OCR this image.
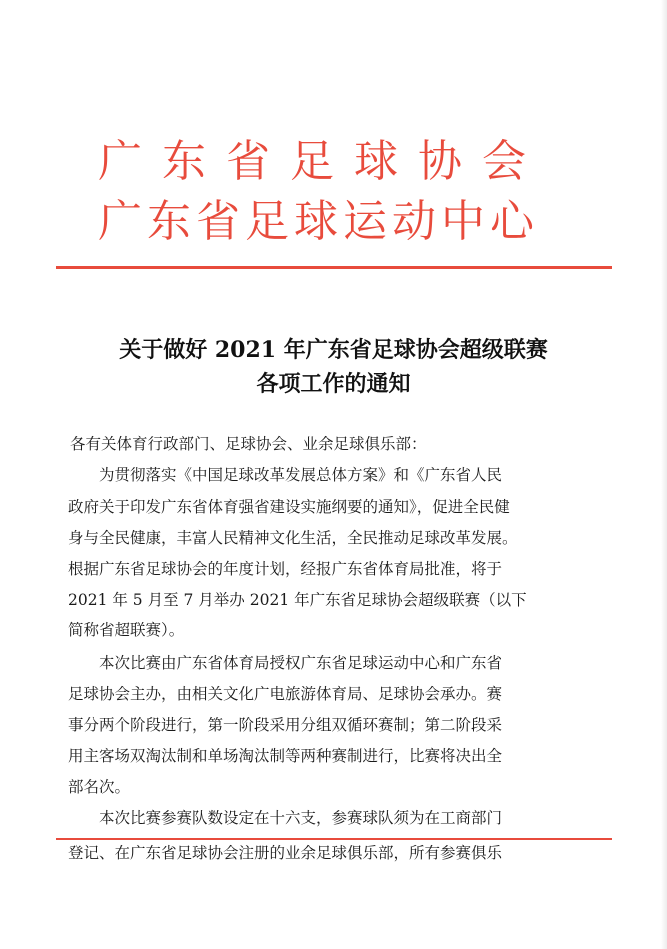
广东省足球协会
广东省足球运动中心
关于做好 2021 年广东省足球协会超级联赛
各项工作的通知
各有关体育行政部门、足球协会、业余足球俱乐部：
　　为贯彻落实《中国足球改革发展总体方案》和《广东省人民
政府关于印发广东省体育强省建设实施纲要的通知》，促进全民健
身与全民健康，丰富人民精神文化生活，全民推动足球改革发展。
根据广东省足球协会的年度计划，经报广东省体育局批准，将于
2021 年 5 月至 7 月举办 2021 年广东省足球协会超级联赛（以下
简称省超联赛）。
　　本次比赛由广东省体育局授权广东省足球运动中心和广东省
足球协会主办，由相关文化广电旅游体育局、足球协会承办。赛
事分两个阶段进行，第一阶段采用分组双循环赛制；第二阶段采
用主客场双淘汰制和单场淘汰制等两种赛制进行，比赛将决出全
部名次。
　　本次比赛参赛队数设定在十六支，参赛球队须为在工商部门
登记、在广东省足球协会注册的业余足球俱乐部，所有参赛俱乐
